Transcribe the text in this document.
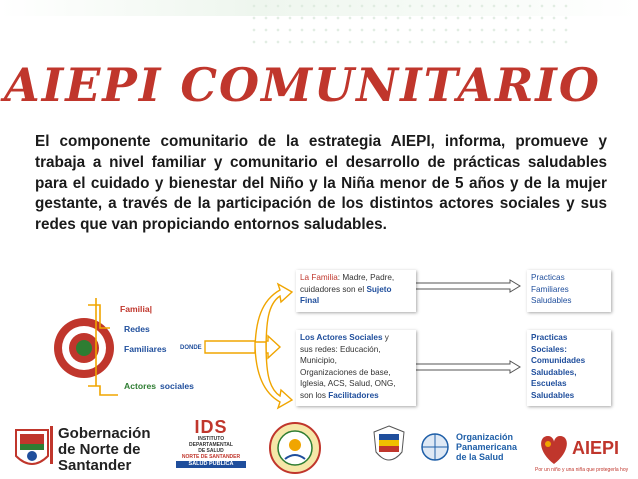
AIEPI COMUNITARIO
El componente comunitario de la estrategia AIEPI, informa, promueve y trabaja a nivel familiar y comunitario el desarrollo de prácticas saludables para el cuidado y bienestar del Niño y la Niña menor de 5 años y de la mujer gestante, a través de la participación de los distintos actores sociales y sus redes que van propiciando entornos saludables.
Familia|
Redes
Familiares DONDE
Actores sociales
La Familia: Madre, Padre,
cuidadores son el Sujeto
Final
Los Actores Sociales y
sus redes: Educación,
Municipio,
Organizaciones de base,
Iglesia, ACS, Salud, ONG,
son los Facilitadores
Practicas
Familiares
Saludables
Practicas
Sociales:
Comunidades
Saludables,
Escuelas
Saludables
Gobernación
de Norte de
Santander
IDS
INSTITUTO
DEPARTAMENTAL
DE SALUD
NORTE DE SANTANDER
SALUD PUBLICA
Organización
Panamericana
de la Salud	AIEPI
Por un niño y una niña que protegerla hoy
